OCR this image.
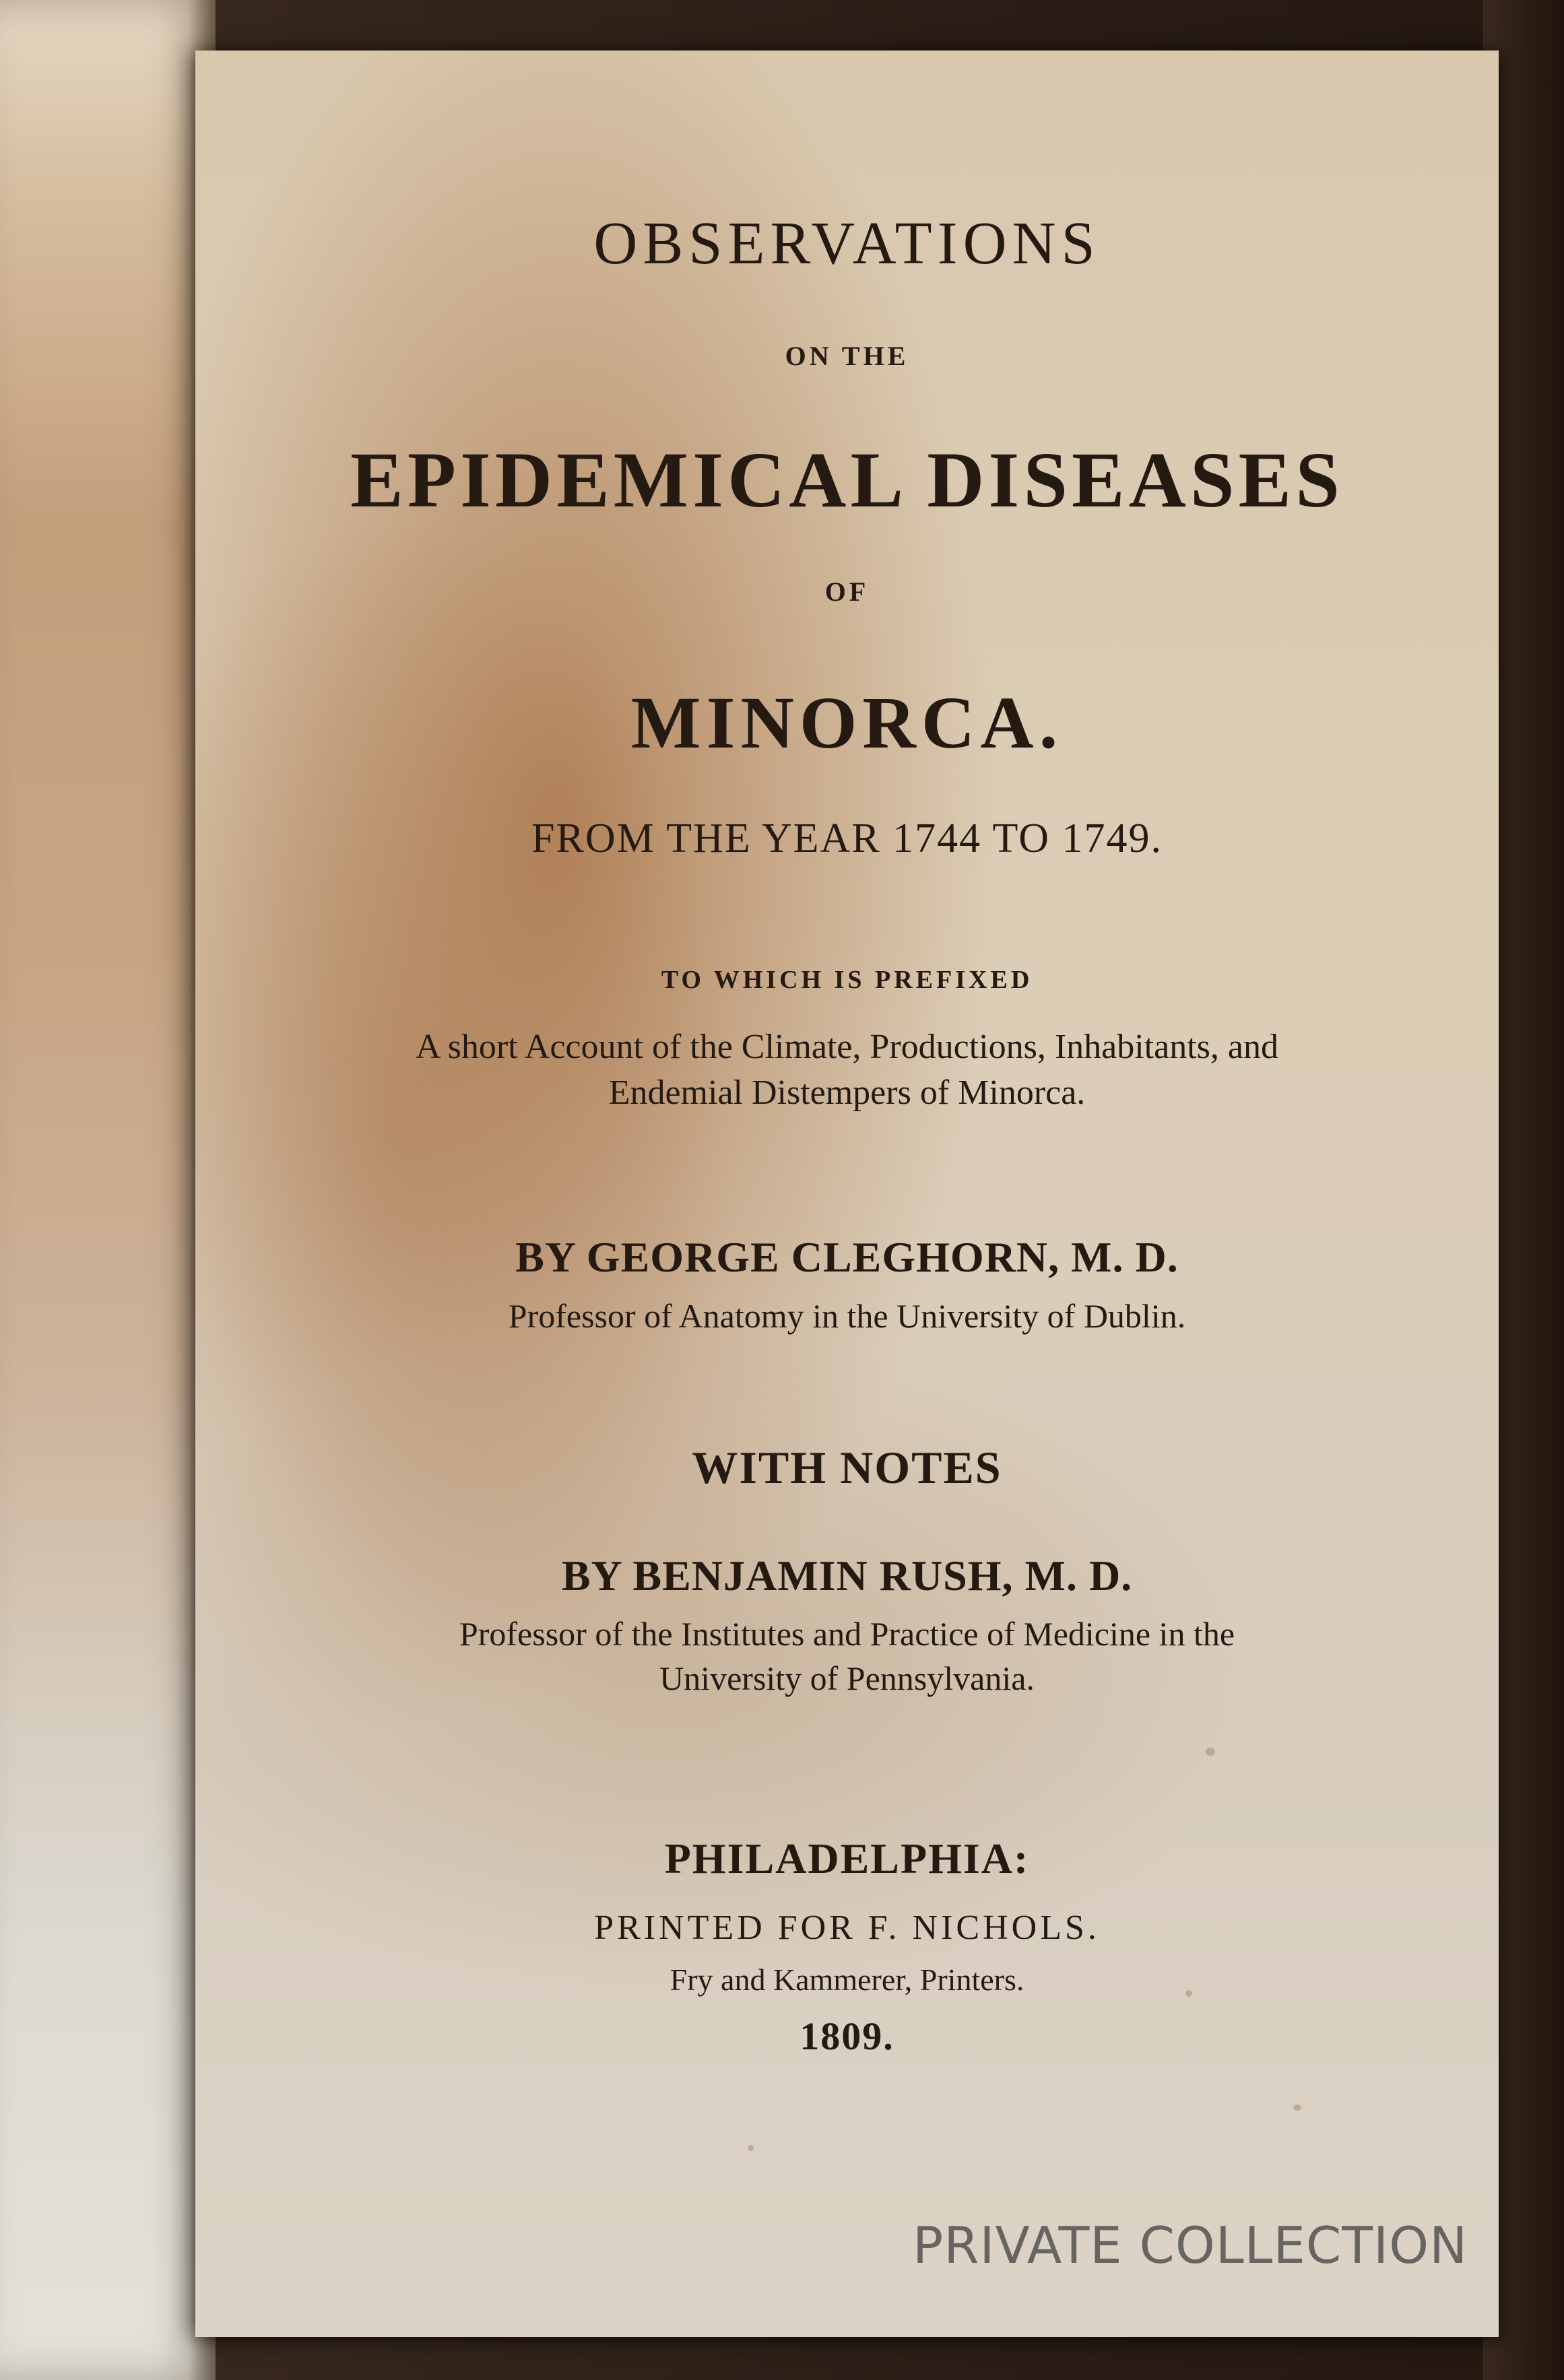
OBSERVATIONS
ON THE
EPIDEMICAL DISEASES
OF
MINORCA.
FROM THE YEAR 1744 TO 1749.
TO WHICH IS PREFIXED
A short Account of the Climate, Productions, Inhabitants, and
Endemial Distempers of Minorca.
BY GEORGE CLEGHORN, M. D.
Professor of Anatomy in the University of Dublin.
WITH NOTES
BY BENJAMIN RUSH, M. D.
Professor of the Institutes and Practice of Medicine in the
University of Pennsylvania.
PHILADELPHIA:
PRINTED FOR F. NICHOLS.
Fry and Kammerer, Printers.
1809.
PRIVATE COLLECTION
